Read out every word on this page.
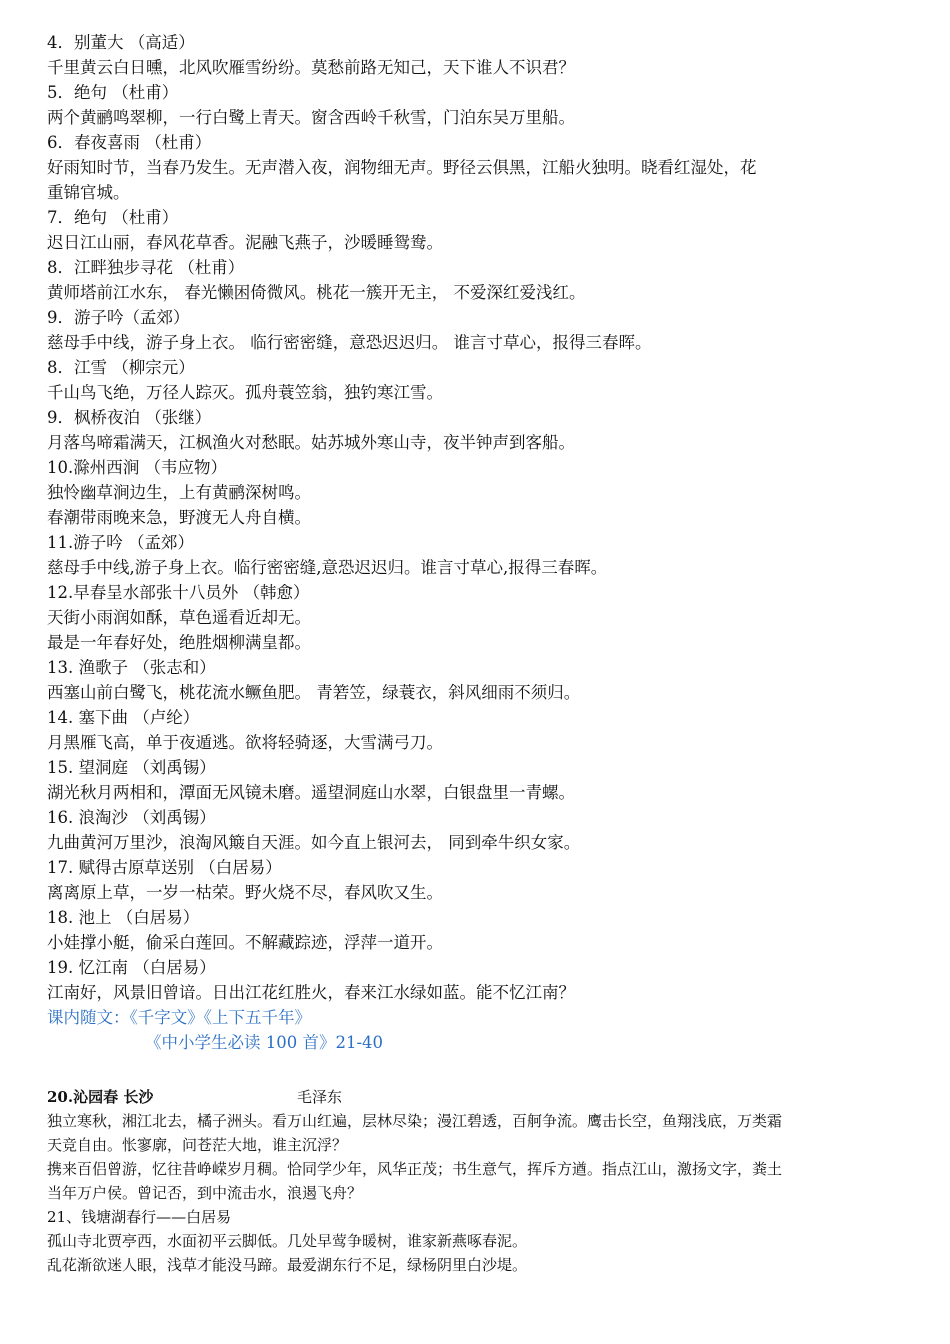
4．别董大 （高适）
千里黄云白日曛，北风吹雁雪纷纷。莫愁前路无知己，天下谁人不识君？
5．绝句 （杜甫）
两个黄鹂鸣翠柳，一行白鹭上青天。窗含西岭千秋雪，门泊东吴万里船。
6．春夜喜雨 （杜甫）
好雨知时节，当春乃发生。无声潜入夜，润物细无声。野径云俱黑，江船火独明。晓看红湿处，花
重锦官城。
7．绝句 （杜甫）
迟日江山丽，春风花草香。泥融飞燕子，沙暖睡鸳鸯。
8．江畔独步寻花 （杜甫）
黄师塔前江水东， 春光懒困倚微风。桃花一簇开无主， 不爱深红爱浅红。
9．游子吟（孟郊）
慈母手中线，游子身上衣。 临行密密缝，意恐迟迟归。 谁言寸草心，报得三春晖。
8．江雪 （柳宗元）
千山鸟飞绝，万径人踪灭。孤舟蓑笠翁，独钓寒江雪。
9．枫桥夜泊 （张继）
月落鸟啼霜满天，江枫渔火对愁眠。姑苏城外寒山寺，夜半钟声到客船。
10.滁州西涧 （韦应物）
独怜幽草涧边生，上有黄鹂深树鸣。
春潮带雨晚来急，野渡无人舟自横。
11.游子吟 （孟郊）
慈母手中线,游子身上衣。临行密密缝,意恐迟迟归。谁言寸草心,报得三春晖。
12.早春呈水部张十八员外 （韩愈）
天街小雨润如酥，草色遥看近却无。
最是一年春好处，绝胜烟柳满皇都。
13. 渔歌子 （张志和）
西塞山前白鹭飞，桃花流水鳜鱼肥。 青箬笠，绿蓑衣，斜风细雨不须归。
14. 塞下曲 （卢纶）
月黑雁飞高，单于夜遁逃。欲将轻骑逐，大雪满弓刀。
15. 望洞庭 （刘禹锡）
湖光秋月两相和，潭面无风镜未磨。遥望洞庭山水翠，白银盘里一青螺。
16. 浪淘沙 （刘禹锡）
九曲黄河万里沙，浪淘风簸自天涯。如今直上银河去， 同到牵牛织女家。
17. 赋得古原草送别 （白居易）
离离原上草，一岁一枯荣。野火烧不尽，春风吹又生。
18. 池上 （白居易）
小娃撑小艇，偷采白莲回。不解藏踪迹，浮萍一道开。
19. 忆江南 （白居易）
江南好，风景旧曾谙。日出江花红胜火，春来江水绿如蓝。能不忆江南？
课内随文：《千字文》《上下五千年》
《中小学生必读 100 首》21-40
20.沁园春 长沙	毛泽东
独立寒秋，湘江北去，橘子洲头。看万山红遍，层林尽染；漫江碧透，百舸争流。鹰击长空，鱼翔浅底，万类霜
天竞自由。怅寥廓，问苍茫大地，谁主沉浮？
携来百侣曾游，忆往昔峥嵘岁月稠。恰同学少年，风华正茂；书生意气，挥斥方遒。指点江山，激扬文字，粪土
当年万户侯。曾记否，到中流击水，浪遏飞舟？
21、钱塘湖春行——白居易
孤山寺北贾亭西，水面初平云脚低。几处早莺争暖树，谁家新燕啄春泥。
乱花渐欲迷人眼，浅草才能没马蹄。最爱湖东行不足，绿杨阴里白沙堤。
